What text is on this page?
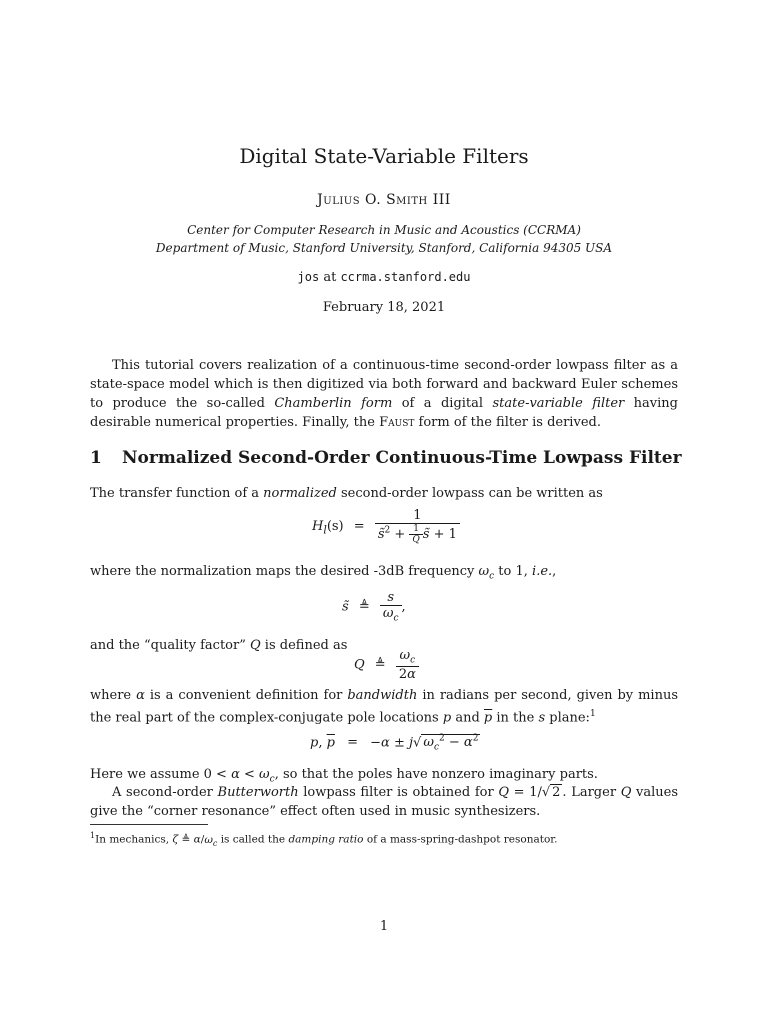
Digital State-Variable Filters
Julius O. Smith III
Center for Computer Research in Music and Acoustics (CCRMA)
Department of Music, Stanford University, Stanford, California 94305 USA
jos at ccrma.stanford.edu
February 18, 2021
This tutorial covers realization of a continuous-time second-order lowpass filter as a state-space model which is then digitized via both forward and backward Euler schemes to produce the so-called Chamberlin form of a digital state-variable filter having desirable numerical properties. Finally, the Faust form of the filter is derived.
1 Normalized Second-Order Continuous-Time Lowpass Filter
The transfer function of a normalized second-order lowpass can be written as
$H_l(s) = \frac{1}{s̃^2 + \frac{1}{Q} s̃ + 1}$
where the normalization maps the desired -3dB frequency $\omega_c$ to 1, i.e.,
s̃ ≜ $\frac{s}{\omega_c}$ ,
and the “quality factor” Q is defined as
Q ≜ $\frac{\omega_c}{2\alpha}$
where α is a convenient definition for bandwidth in radians per second, given by minus the real part of the complex-conjugate pole locations p and $\overline{p}$ in the s plane:$^1$
p, $\overline{p} = -\alpha \pm j√$ $\omega_c^2 - \alpha^2$
Here we assume $0 < \alpha < \omega_c$, so that the poles have nonzero imaginary parts.
A second-order Butterworth lowpass filter is obtained for Q = 1/√ 2 . Larger Q values give the “corner resonance” effect often used in music synthesizers.
$^1$In mechanics, ζ ≜ $\alpha/\omega_c$ is called the damping ratio of a mass-spring-dashpot resonator.
1
